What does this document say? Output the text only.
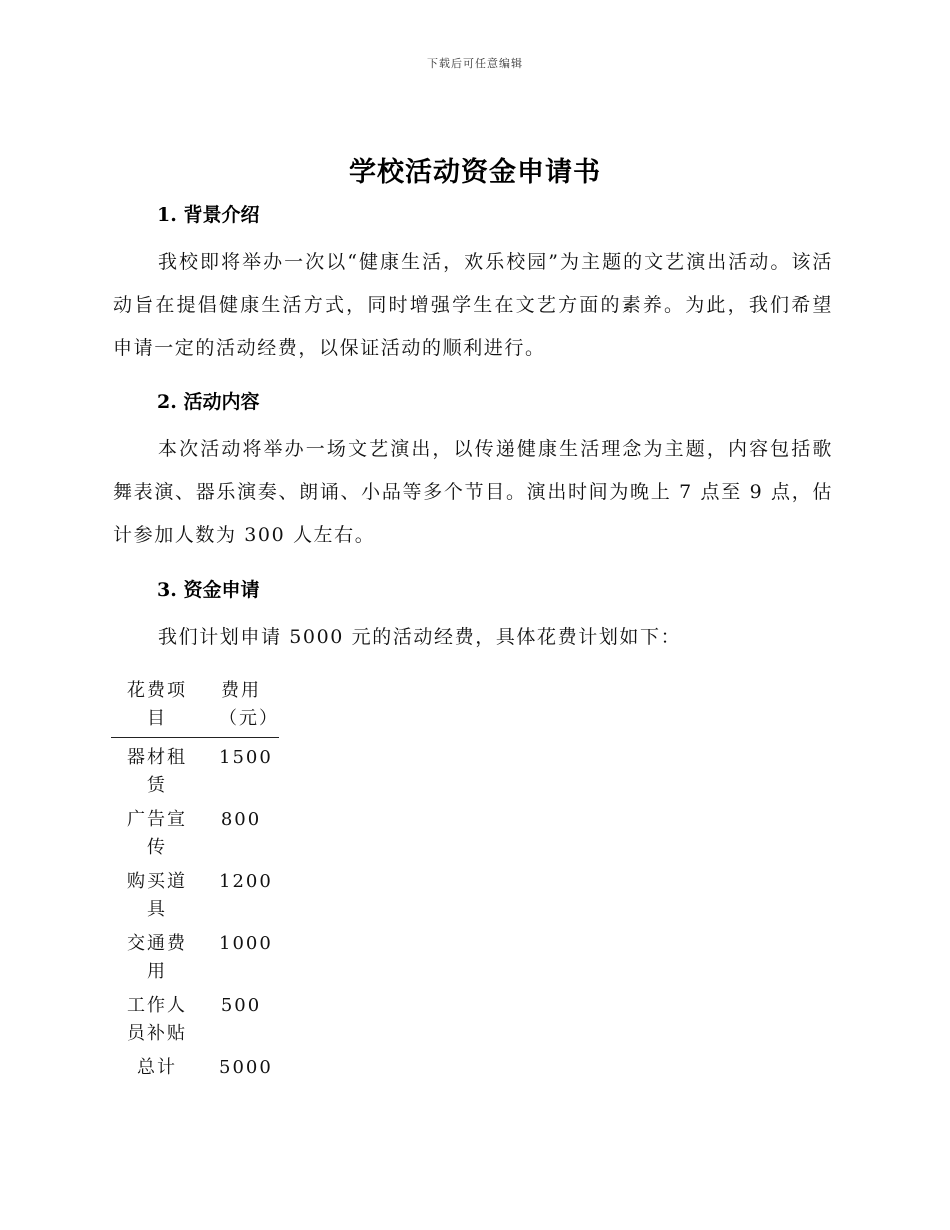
下载后可任意编辑
学校活动资金申请书
1. 背景介绍
我校即将举办一次以“健康生活，欢乐校园”为主题的文艺演出活动。该活动旨在提倡健康生活方式，同时增强学生在文艺方面的素养。为此，我们希望申请一定的活动经费，以保证活动的顺利进行。
2. 活动内容
本次活动将举办一场文艺演出，以传递健康生活理念为主题，内容包括歌舞表演、器乐演奏、朗诵、小品等多个节目。演出时间为晚上 7 点至 9 点，估计参加人数为 300 人左右。
3. 资金申请
我们计划申请 5000 元的活动经费，具体花费计划如下：
花费项目	费用（元）
器材租赁	1500
广告宣传	800
购买道具	1200
交通费用	1000
工作人员补贴	500
总计	5000
